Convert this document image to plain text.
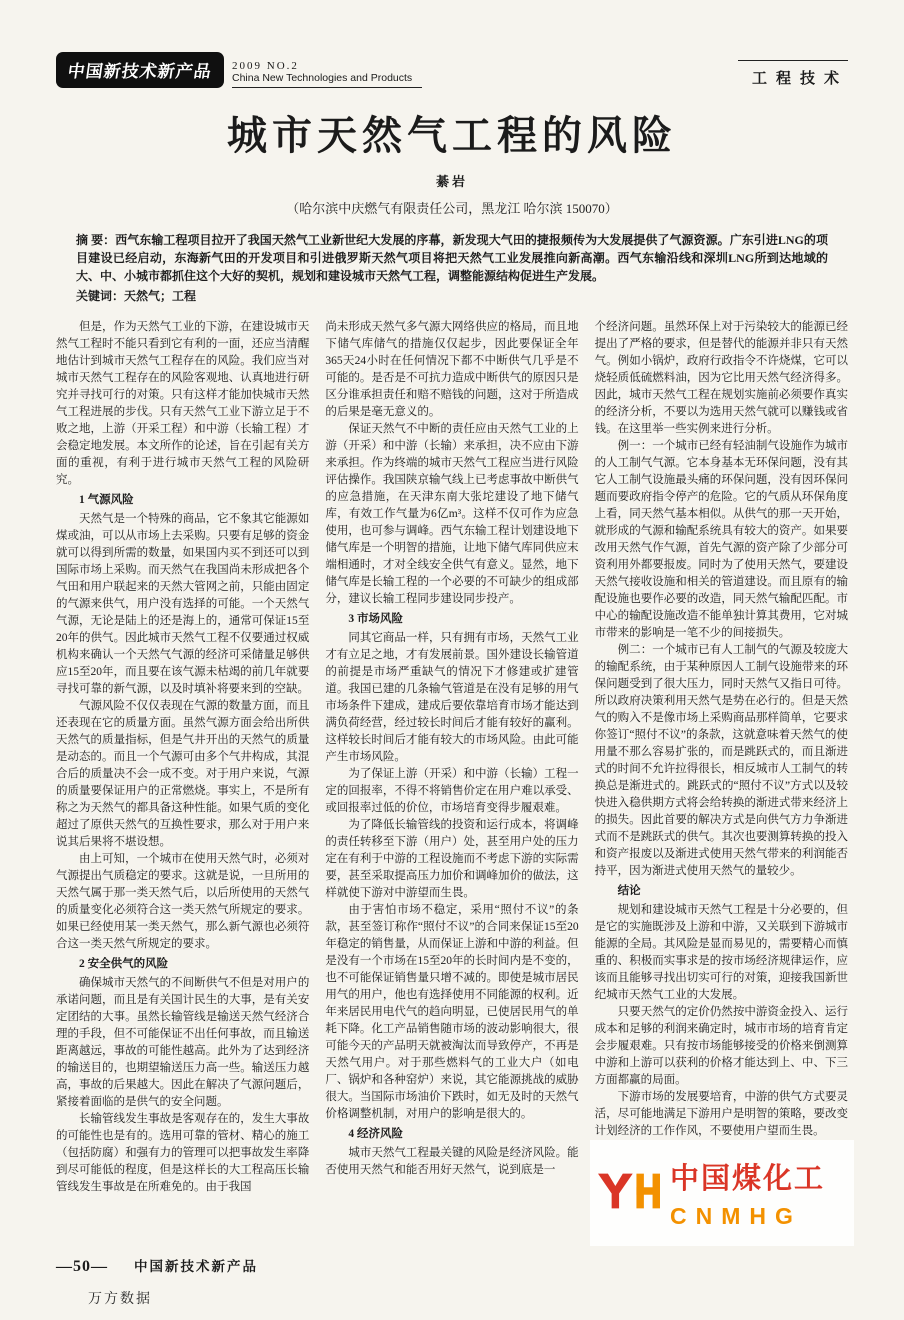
中国新技术新产品	2009 NO.2
China New Technologies and Products	工程技术
城市天然气工程的风险
綦岩
（哈尔滨中庆燃气有限责任公司，黑龙江 哈尔滨 150070）

摘 要：西气东输工程项目拉开了我国天然气工业新世纪大发展的序幕，新发现大气田的捷报频传为大发展提供了气源资源。广东引进LNG的项目建设已经启动，东海新气田的开发项目和引进俄罗斯天然气项目将把天然气工业发展推向新高潮。西气东输沿线和深圳LNG所到达地域的大、中、小城市都抓住这个大好的契机，规划和建设城市天然气工程，调整能源结构促进生产发展。

关键词：天然气；工程

但是，作为天然气工业的下游，在建设城市天然气工程时不能只看到它有利的一面，还应当清醒地估计到城市天然气工程存在的风险。我们应当对城市天然气工程存在的风险客观地、认真地进行研究并寻找可行的对策。只有这样才能加快城市天然气工程进展的步伐。只有天然气工业下游立足于不败之地，上游（开采工程）和中游（长输工程）才会稳定地发展。本文所作的论述，旨在引起有关方面的重视，有利于进行城市天然气工程的风险研究。

1 气源风险

天然气是一个特殊的商品，它不象其它能源如煤或油，可以从市场上去采购。只要有足够的资金就可以得到所需的数量，如果国内买不到还可以到国际市场上采购。而天然气在我国尚未形成把各个气田和用户联起来的天然大管网之前，只能由固定的气源来供气，用户没有选择的可能。一个天然气气源，无论是陆上的还是海上的，通常可保证15至20年的供气。因此城市天然气工程不仅要通过权威机构来确认一个天然气气源的经济可采储量足够供应15至20年，而且要在该气源未枯竭的前几年就要寻找可靠的新气源，以及时填补将要来到的空缺。

气源风险不仅仅表现在气源的数量方面，而且还表现在它的质量方面。虽然气源方面会给出所供天然气的质量指标，但是气井开出的天然气的质量是动态的。而且一个气源可由多个气井构成，其混合后的质量决不会一成不变。对于用户来说，气源的质量要保证用户的正常燃烧。事实上，不是所有称之为天然气的都具备这种性能。如果气质的变化超过了原供天然气的互换性要求，那么对于用户来说其后果将不堪设想。

由上可知，一个城市在使用天然气时，必须对气源提出气质稳定的要求。这就是说，一旦所用的天然气属于那一类天然气后，以后所使用的天然气的质量变化必须符合这一类天然气所规定的要求。如果已经使用某一类天然气，那么新气源也必须符合这一类天然气所规定的要求。

2 安全供气的风险

确保城市天然气的不间断供气不但是对用户的承诺问题，而且是有关国计民生的大事，是有关安定团结的大事。虽然长输管线是输送天然气经济合理的手段，但不可能保证不出任何事故，而且输送距离越远，事故的可能性越高。此外为了达到经济的输送目的，也期望输送压力高一些。输送压力越高，事故的后果越大。因此在解决了气源问题后，紧接着面临的是供气的安全问题。

长输管线发生事故是客观存在的，发生大事故的可能性也是有的。选用可靠的管材、精心的施工（包括防腐）和强有力的管理可以把事故发生率降到尽可能低的程度，但是这样长的大工程高压长输管线发生事故是在所难免的。由于我国

尚未形成天然气多气源大网络供应的格局，而且地下储气库储气的措施仅仅起步，因此要保证全年365天24小时在任何情况下都不中断供气几乎是不可能的。是否是不可抗力造成中断供气的原因只是区分谁承担责任和赔不赔钱的问题，这对于所造成的后果是毫无意义的。

保证天然气不中断的责任应由天然气工业的上游（开采）和中游（长输）来承担，决不应由下游来承担。作为终端的城市天然气工程应当进行风险评估操作。我国陕京输气线上已考虑事故中断供气的应急措施，在天津东南大张坨建设了地下储气库，有效工作气量为6亿m³。这样不仅可作为应急使用，也可参与调峰。西气东输工程计划建设地下储气库是一个明智的措施，让地下储气库同供应末端相通时，才对全线安全供气有意义。显然，地下储气库是长输工程的一个必要的不可缺少的组成部分，建议长输工程同步建设同步投产。

3 市场风险

同其它商品一样，只有拥有市场，天然气工业才有立足之地，才有发展前景。国外建设长输管道的前提是市场严重缺气的情况下才修建或扩建管道。我国已建的几条输气管道是在没有足够的用气市场条件下建成，建成后要依靠培育市场才能达到满负荷经营，经过较长时间后才能有较好的赢利。这样较长时间后才能有较大的市场风险。由此可能产生市场风险。

为了保证上游（开采）和中游（长输）工程一定的回报率，不得不将销售价定在用户难以承受、或回报率过低的价位，市场培育变得步履艰难。

为了降低长输管线的投资和运行成本，将调峰的责任转移至下游（用户）处，甚至用户处的压力定在有利于中游的工程设施而不考虑下游的实际需要，甚至采取提高压力加价和调峰加价的做法，这样就使下游对中游望而生畏。

由于害怕市场不稳定，采用“照付不议”的条款，甚至签订称作“照付不议”的合同来保证15至20年稳定的销售量，从而保证上游和中游的利益。但是没有一个市场在15至20年的长时间内是不变的，也不可能保证销售量只增不减的。即使是城市居民用气的用户，他也有选择使用不同能源的权利。近年来居民用电代气的趋向明显，已使居民用气的单耗下降。化工产品销售随市场的波动影响很大，很可能今天的产品明天就被淘汰而导致停产，不再是天然气用户。对于那些燃料气的工业大户（如电厂、锅炉和各种窑炉）来说，其它能源挑战的威胁很大。当国际市场油价下跌时，如无及时的天然气价格调整机制，对用户的影响是很大的。

4 经济风险

城市天然气工程最关键的风险是经济风险。能否使用天然气和能否用好天然气，说到底是一

个经济问题。虽然环保上对于污染较大的能源已经提出了严格的要求，但是替代的能源并非只有天然气。例如小锅炉，政府行政指令不许烧煤，它可以烧轻质低硫燃料油，因为它比用天然气经济得多。因此，城市天然气工程在规划实施前必须要作真实的经济分析，不要以为选用天然气就可以赚钱或省钱。在这里举一些实例来进行分析。

例一：一个城市已经有轻油制气设施作为城市的人工制气气源。它本身基本无环保问题，没有其它人工制气设施最头痛的环保问题，没有因环保问题而要政府指令停产的危险。它的气质从环保角度上看，同天然气基本相似。从供气的那一天开始，就形成的气源和输配系统具有较大的资产。如果要改用天然气作气源，首先气源的资产除了少部分可资利用外都要报废。同时为了使用天然气，要建设天然气接收设施和相关的管道建设。而且原有的输配设施也要作必要的改造，同天然气输配匹配。市中心的输配设施改造不能单独计算其费用，它对城市带来的影响是一笔不少的间接损失。

例二：一个城市已有人工制气的气源及较庞大的输配系统，由于某种原因人工制气设施带来的环保问题受到了很大压力，同时天然气又指日可待。所以政府决策利用天然气是势在必行的。但是天然气的购入不是像市场上采购商品那样简单，它要求你签订“照付不议”的条款，这就意味着天然气的使用量不那么容易扩张的，而是跳跃式的，而且渐进式的时间不允许拉得很长，相反城市人工制气的转换总是渐进式的。跳跃式的“照付不议”方式以及较快进入稳供期方式将会给转换的渐进式带来经济上的损失。因此首要的解决方式是向供气方力争渐进式而不是跳跃式的供气。其次也要测算转换的投入和资产报废以及渐进式使用天然气带来的利润能否持平，因为渐进式使用天然气的量较少。

结论

规划和建设城市天然气工程是十分必要的，但是它的实施既涉及上游和中游，又关联到下游城市能源的全局。其风险是显而易见的，需要精心而慎重的、积极而实事求是的按市场经济规律运作，应该而且能够寻找出切实可行的对策，迎接我国新世纪城市天然气工业的大发展。

只要天然气的定价仍然按中游资金投入、运行成本和足够的利润来确定时，城市市场的培育肯定会步履艰难。只有按市场能够接受的价格来倒测算中游和上游可以获利的价格才能达到上、中、下三方面都赢的局面。

下游市场的发展要培育，中游的供气方式要灵活，尽可能地满足下游用户是明智的策略，要改变计划经济的工作作风，不要使用户望而生畏。

—50— 中国新技术新产品
万方数据
中国煤化工
CNMHG
